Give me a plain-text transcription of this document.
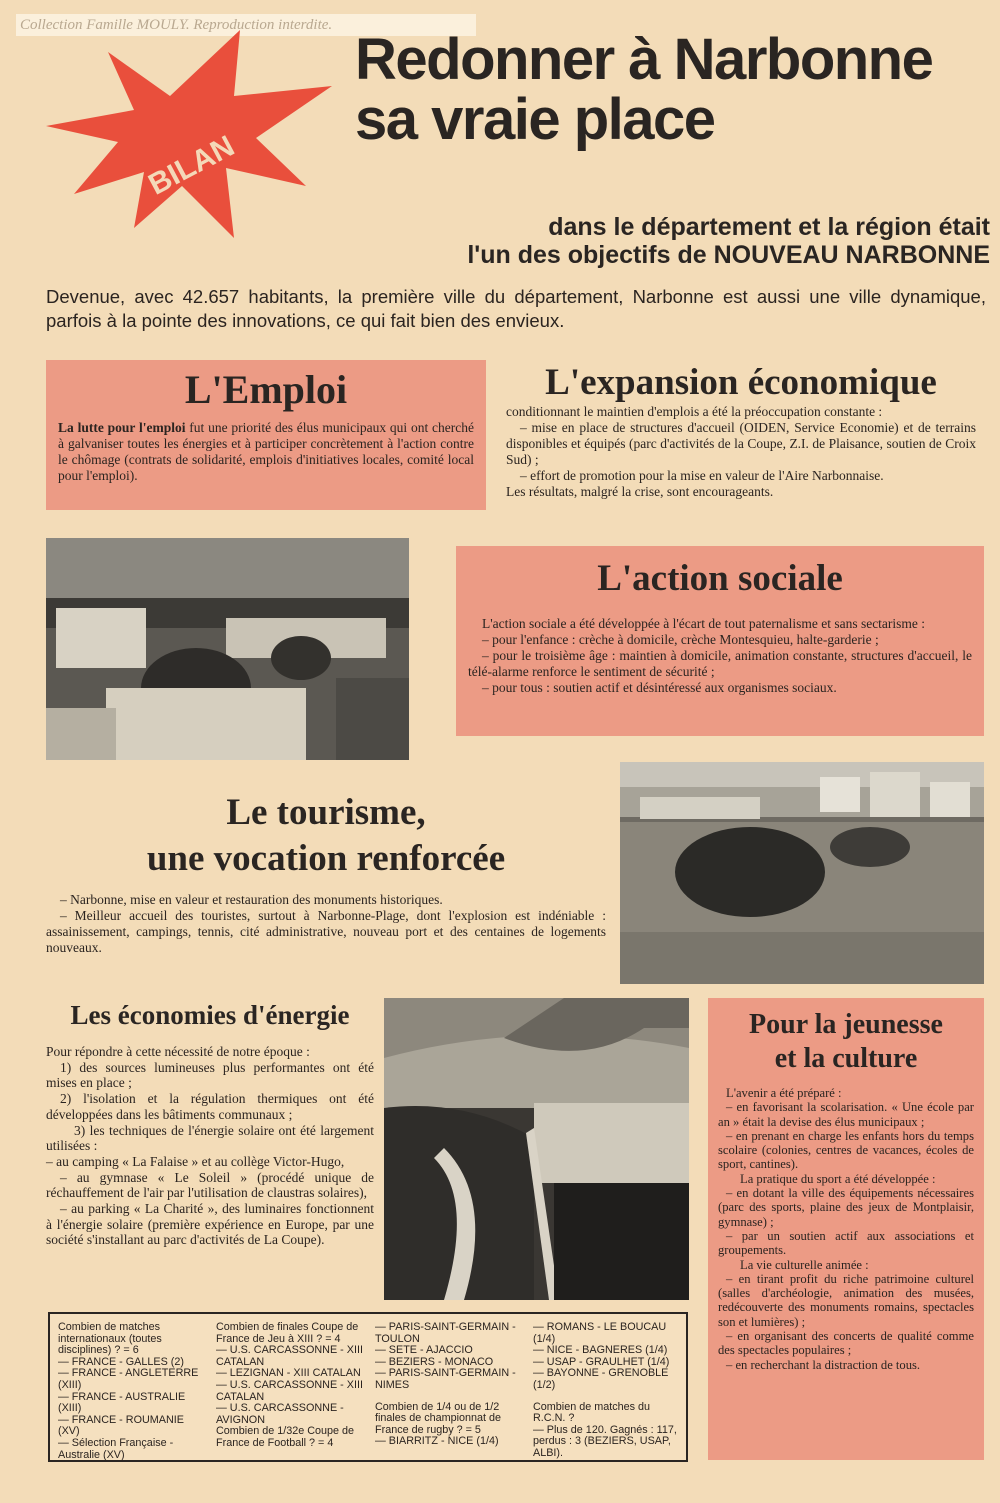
Collection Famille MOULY. Reproduction interdite.
BILAN
Redonner à Narbonne
sa vraie place
dans le département et la région était
l'un des objectifs de NOUVEAU NARBONNE
Devenue, avec 42.657 habitants, la première ville du département, Narbonne est aussi une ville dynamique, parfois à la pointe des innovations, ce qui fait bien des envieux.
L'Emploi
La lutte pour l'emploi fut une priorité des élus municipaux qui ont cherché à galvaniser toutes les énergies et à participer concrètement à l'action contre le chômage (contrats de solidarité, emplois d'initiatives locales, comité local pour l'emploi).
L'expansion économique

conditionnant le maintien d'emplois a été la préoccupation constante :

– mise en place de structures d'accueil (OIDEN, Service Economie) et de terrains disponibles et équipés (parc d'activités de la Coupe, Z.I. de Plaisance, soutien de Croix Sud) ;

– effort de promotion pour la mise en valeur de l'Aire Narbonnaise.

Les résultats, malgré la crise, sont encourageants.

L'action sociale

L'action sociale a été développée à l'écart de tout paternalisme et sans sectarisme :

– pour l'enfance : crèche à domicile, crèche Montesquieu, halte-garderie ;

– pour le troisième âge : maintien à domicile, animation constante, structures d'accueil, le télé-alarme renforce le sentiment de sécurité ;

– pour tous : soutien actif et désintéressé aux organismes sociaux.

Le tourisme,
une vocation renforcée

– Narbonne, mise en valeur et restauration des monuments historiques.

– Meilleur accueil des touristes, surtout à Narbonne-Plage, dont l'explosion est indéniable : assainissement, campings, tennis, cité administrative, nouveau port et des centaines de logements nouveaux.

Les économies d'énergie

Pour répondre à cette nécessité de notre époque :

1) des sources lumineuses plus performantes ont été mises en place ;

2) l'isolation et la régulation thermiques ont été développées dans les bâtiments communaux ;

3) les techniques de l'énergie solaire ont été largement utilisées :

– au camping « La Falaise » et au collège Victor-Hugo,

– au gymnase « Le Soleil » (procédé unique de réchauffement de l'air par l'utilisation de claustras solaires),

– au parking « La Charité », des luminaires fonctionnent à l'énergie solaire (première expérience en Europe, par une société s'installant au parc d'activités de La Coupe).

Pour la jeunesse
et la culture

L'avenir a été préparé :

– en favorisant la scolarisation. « Une école par an » était la devise des élus municipaux ;

– en prenant en charge les enfants hors du temps scolaire (colonies, centres de vacances, écoles de sport, cantines).

La pratique du sport a été développée :

– en dotant la ville des équipements nécessaires (parc des sports, plaine des jeux de Montplaisir, gymnase) ;

– par un soutien actif aux associations et groupements.

La vie culturelle animée :

– en tirant profit du riche patrimoine culturel (salles d'archéologie, animation des musées, redécouverte des monuments romains, spectacles son et lumières) ;

– en organisant des concerts de qualité comme des spectacles populaires ;

– en recherchant la distraction de tous.

Combien de matches internationaux (toutes disciplines) ? = 6

— FRANCE - GALLES (2)

— FRANCE - ANGLETERRE (XIII)

— FRANCE - AUSTRALIE (XIII)

— FRANCE - ROUMANIE (XV)

— Sélection Française - Australie (XV)

Combien de finales Coupe de France de Jeu à XIII ? = 4

— U.S. CARCASSONNE - XIII CATALAN

— LEZIGNAN - XIII CATALAN

— U.S. CARCASSONNE - XIII CATALAN

— U.S. CARCASSONNE - AVIGNON

Combien de 1/32e Coupe de France de Football ? = 4

— PARIS-SAINT-GERMAIN - TOULON

— SETE - AJACCIO

— BEZIERS - MONACO

— PARIS-SAINT-GERMAIN - NIMES

Combien de 1/4 ou de 1/2 finales de championnat de France de rugby ? = 5

— BIARRITZ - NICE (1/4)

— ROMANS - LE BOUCAU (1/4)

— NICE - BAGNERES (1/4)

— USAP - GRAULHET (1/4)

— BAYONNE - GRENOBLE (1/2)

Combien de matches du R.C.N. ?

— Plus de 120. Gagnés : 117, perdus : 3 (BEZIERS, USAP, ALBI).
